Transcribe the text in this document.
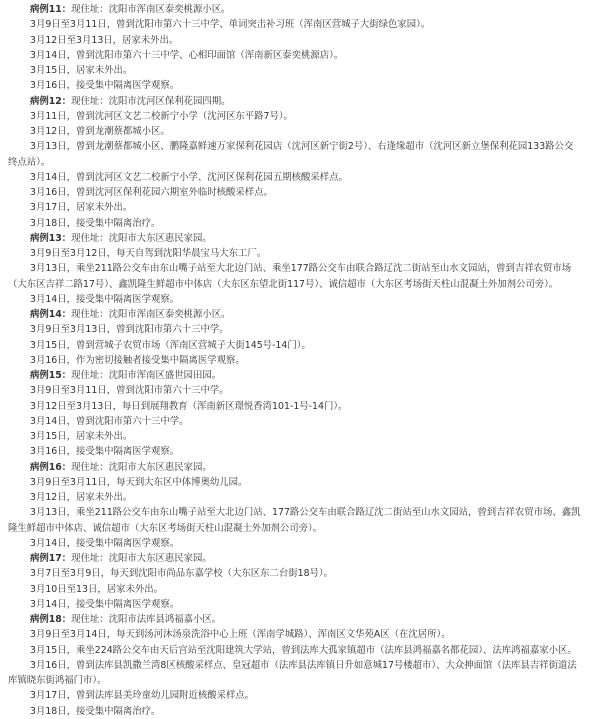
病例11：现住址：沈阳市浑南区泰奕桃源小区。
3月9日至3月11日，曾到沈阳市第六十三中学、单词突击补习班（浑南区营城子大街绿色家园）。
3月12日至3月13日，居家未外出。
3月14日，曾到沈阳市第六十三中学、心相印面馆（浑南新区泰奕桃源店）。
3月15日，居家未外出。
3月16日，接受集中隔离医学观察。
病例12：现住址：沈阳市沈河区保利花园四期。
3月11日，曾到沈河区文艺二校新宁小学（沈河区东平路7号）。
3月12日，曾到龙潮蔡都城小区。
3月13日，曾到龙潮蔡都城小区、鹏隆嘉鲜速万家保利花园店（沈河区新宁街2号）、右逢缘超市（沈河区新立堡保利花园133路公交
终点站）。
3月14日，曾到沈河区文艺二校新宁小学、沈河区保利花园五期核酸采样点。
3月16日，曾到沈河区保利花园六期室外临时核酸采样点。
3月17日，居家未外出。
3月18日，接受集中隔离治疗。
病例13：现住址：沈阳市大东区惠民家园。
3月9日至3月12日，每天自驾到沈阳华晨宝马大东工厂。
3月13日，乘坐211路公交车由东山嘴子站至大北边门站、乘坐177路公交车由联合路辽沈二街站至山水文园站，曾到吉祥农贸市场
（大东区吉祥二路17号）、鑫凯隆生鲜超市中体店（大东区东望北街117号）、诚信超市（大东区考场街天柱山混凝土外加剂公司旁）。
3月14日，接受集中隔离医学观察。
病例14：现住址：沈阳市浑南区泰奕桃源小区。
3月9日至3月13日，曾到沈阳市第六十三中学。
3月15日，曾到营城子农贸市场（浑南区营城子大街145号-14门）。
3月16日，作为密切接触者接受集中隔离医学观察。
病例15：现住址：沈阳市浑南区盛世园田园。
3月9日至3月11日，曾到沈阳市第六十三中学。
3月12日至3月13日，每日到展翔教育（浑南新区璟悦香湾101-1号-14门）。
3月14日，曾到沈阳市第六十三中学。
3月15日，居家未外出。
3月16日，接受集中隔离医学观察。
病例16：现住址：沈阳市大东区惠民家园。
3月9日至3月11日，每天到大东区中体博奥幼儿园。
3月12日，居家未外出。
3月13日，乘坐211路公交车由东山嘴子站至大北边门站、177路公交车由联合路辽沈二街站至山水文园站，曾到吉祥农贸市场、鑫凯
隆生鲜超市中体店、诚信超市（大东区考场街天柱山混凝土外加剂公司旁）。
3月14日，接受集中隔离医学观察。
病例17：现住址：沈阳市大东区惠民家园。
3月7日至3月9日，每天到沈阳市尚品东嘉学校（大东区东二台街18号）。
3月10日至13日，居家未外出。
3月14日，接受集中隔离医学观察。
病例18：现住址：沈阳市法库县鸿福嘉小区。
3月9日至3月14日，每天到汤河沐汤泉洗浴中心上班（浑南学城路）、浑南区文华苑A区（在沈居所）。
3月15日，乘坐224路公交车由天后宫站至沈阳建筑大学站，曾到法库大孤家镇超市（法库县鸿福嘉名都花园）、法库鸿福嘉家小区。
3月16日，曾到法库县凯撒兰湾8区核酸采样点、皇冠超市（法库县法库镇日升如意城17号楼超市）、大众抻面馆（法库县吉祥街道法
库镇晓东街鸿福门市）。
3月17日，曾到法库县美玲童幼儿园附近核酸采样点。
3月18日，接受集中隔离治疗。
